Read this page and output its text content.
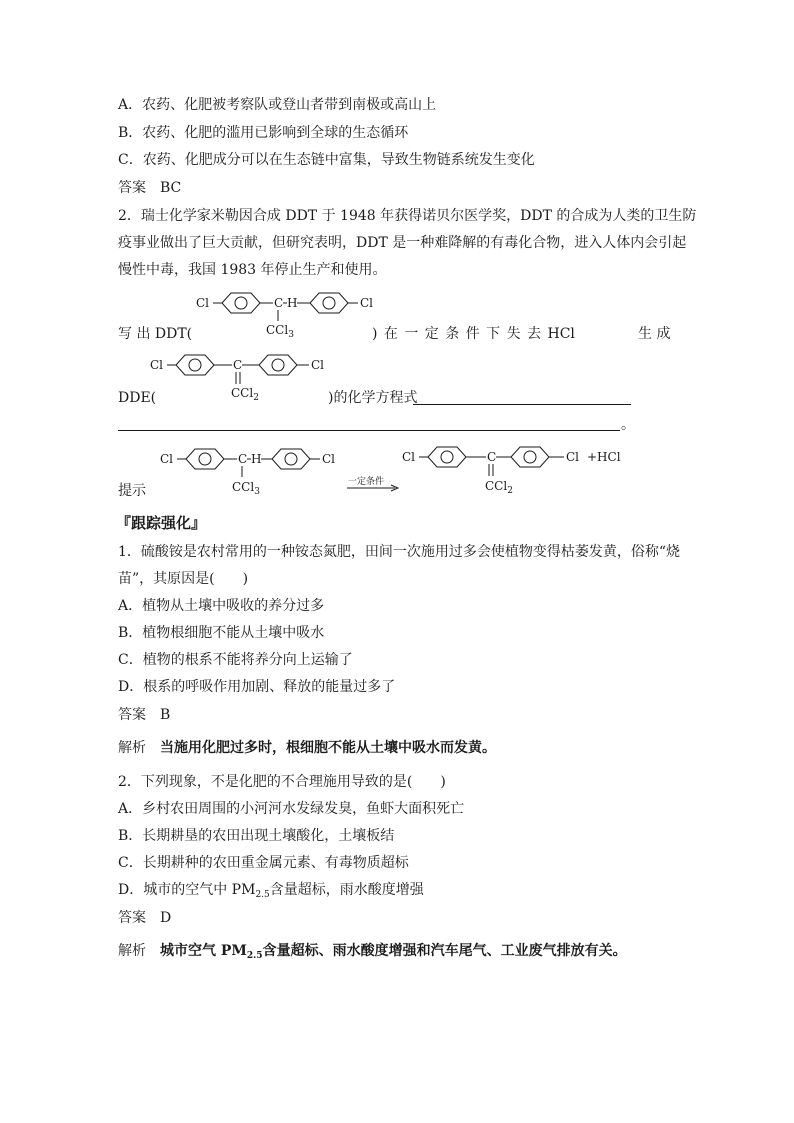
A．农药、化肥被考察队或登山者带到南极或高山上
B．农药、化肥的滥用已影响到全球的生态循环
C．农药、化肥成分可以在生态链中富集，导致生物链系统发生变化
答案 BC
2．瑞士化学家米勒因合成 DDT 于 1948 年获得诺贝尔医学奖，DDT 的合成为人类的卫生防
疫事业做出了巨大贡献，但研究表明，DDT 是一种难降解的有毒化合物，进入人体内会引起
慢性中毒，我国 1983 年停止生产和使用。
Cl	C H	Cl
CCl$_3$
Cl	C	Cl
CCl$_2$
Cl	C H	Cl
CCl$_3$
一定条件
Cl	C	Cl +HCl
CCl$_2$
写 出 DDT(	) 在 一 定 条 件 下 失 去 HCl	生 成
DDE(	)的化学方程式
。
提示
『跟踪强化』
1．硫酸铵是农村常用的一种铵态氮肥，田间一次施用过多会使植物变得枯萎发黄，俗称“烧
苗”，其原因是(　　)
A．植物从土壤中吸收的养分过多
B．植物根细胞不能从土壤中吸水
C．植物的根系不能将养分向上运输了
D．根系的呼吸作用加剧、释放的能量过多了
答案 B
解析 当施用化肥过多时，根细胞不能从土壤中吸水而发黄。
2．下列现象，不是化肥的不合理施用导致的是(　　)
A．乡村农田周围的小河河水发绿发臭，鱼虾大面积死亡
B．长期耕垦的农田出现土壤酸化，土壤板结
C．长期耕种的农田重金属元素、有毒物质超标
D．城市的空气中 $PM_{2.5}$含量超标，雨水酸度增强
答案 D
解析 城市空气 $PM_{2.5}$含量超标、雨水酸度增强和汽车尾气、工业废气排放有关。
